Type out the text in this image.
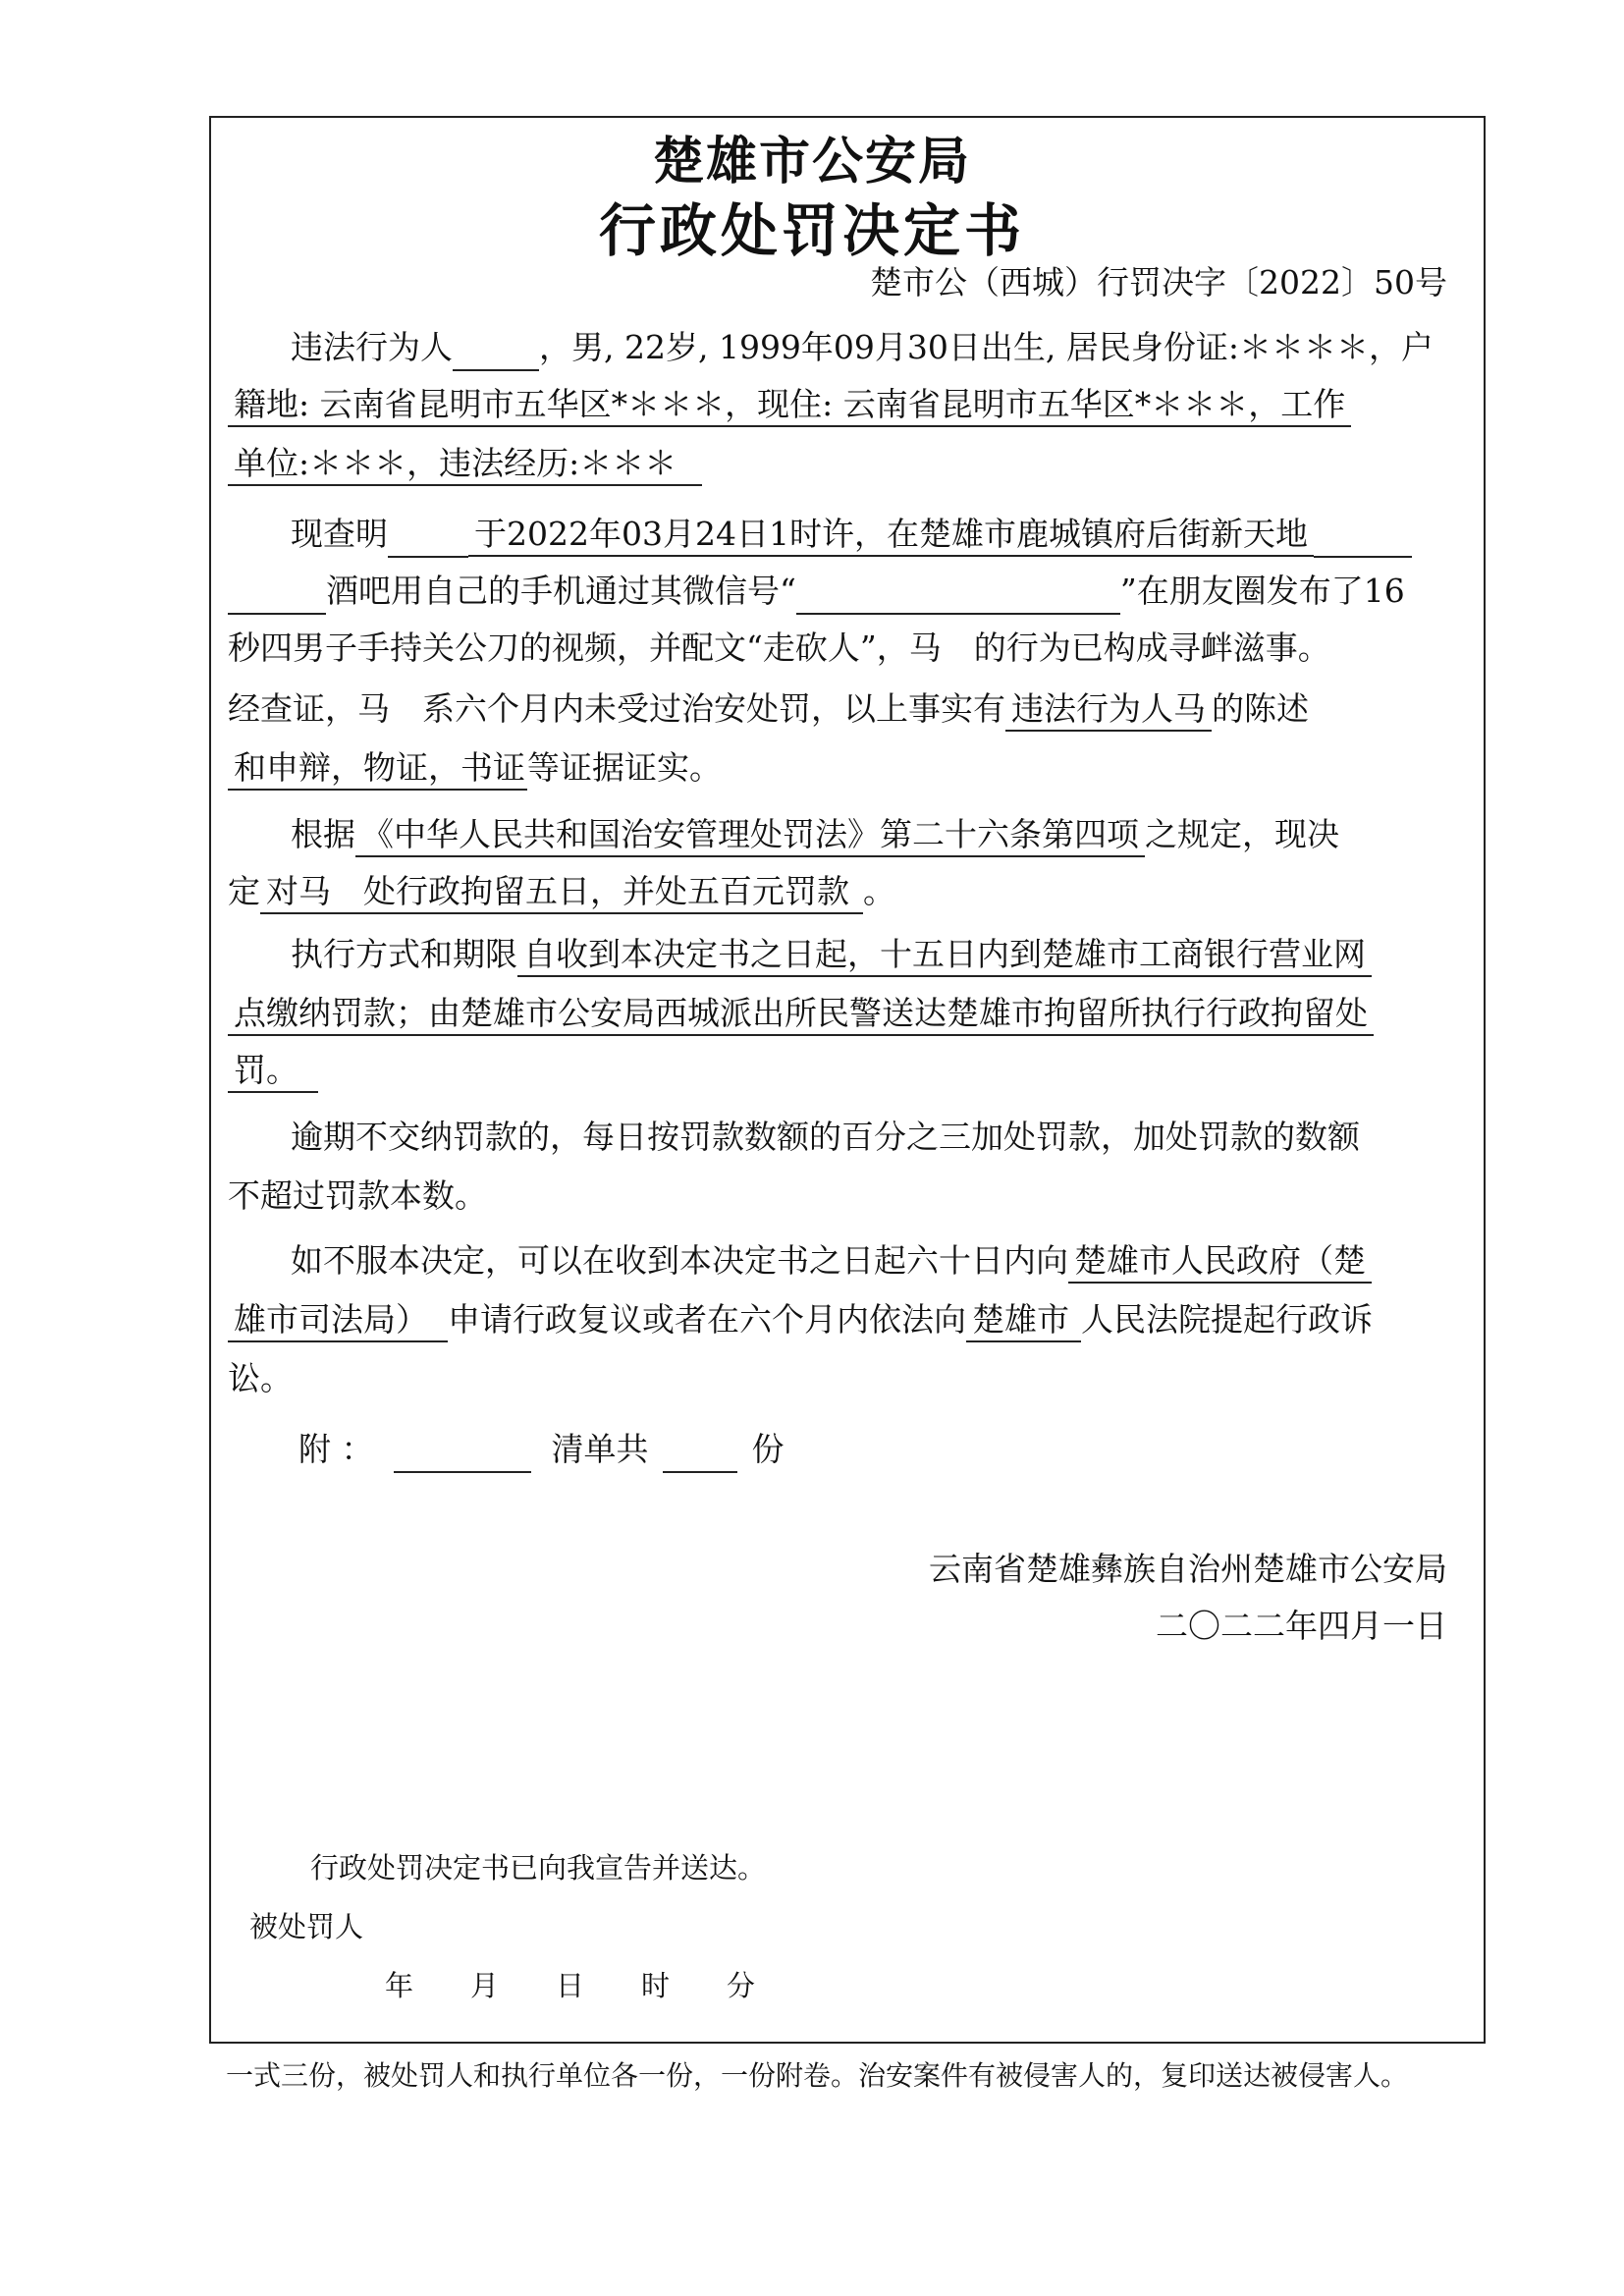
楚雄市公安局
行政处罚决定书
楚市公（西城）行罚决字〔2022〕50号
违法行为人	，男, 22岁, 1999年09月30日出生, 居民身份证:＊＊＊＊，户
籍地: 云南省昆明市五华区*＊＊＊，现住: 云南省昆明市五华区*＊＊＊，工作
单位:＊＊＊，违法经历:＊＊＊
现查明	于2022年03月24日1时许，在楚雄市鹿城镇府后街新天地
酒吧用自己的手机通过其微信号“	”在朋友圈发布了16
秒四男子手持关公刀的视频，并配文“走砍人”，马　的行为已构成寻衅滋事。
经查证，马　系六个月内未受过治安处罚，以上事实有 违法行为人马 的陈述
和申辩，物证，书证等证据证实。
根据 《中华人民共和国治安管理处罚法》第二十六条第四项 之规定，现决
定 对马　处行政拘留五日，并处五百元罚款 。
执行方式和期限 自收到本决定书之日起，十五日内到楚雄市工商银行营业网
点缴纳罚款；由楚雄市公安局西城派出所民警送达楚雄市拘留所执行行政拘留处
罚。
逾期不交纳罚款的，每日按罚款数额的百分之三加处罚款，加处罚款的数额
不超过罚款本数。
如不服本决定，可以在收到本决定书之日起六十日内向 楚雄市人民政府（楚
雄市司法局） 申请行政复议或者在六个月内依法向 楚雄市 人民法院提起行政诉
讼。
附 ：	清单共	份
云南省楚雄彝族自治州楚雄市公安局
二〇二二年四月一日
行政处罚决定书已向我宣告并送达。
被处罚人
年　　月　　日　　时　　分
一式三份，被处罚人和执行单位各一份，一份附卷。治安案件有被侵害人的，复印送达被侵害人。
